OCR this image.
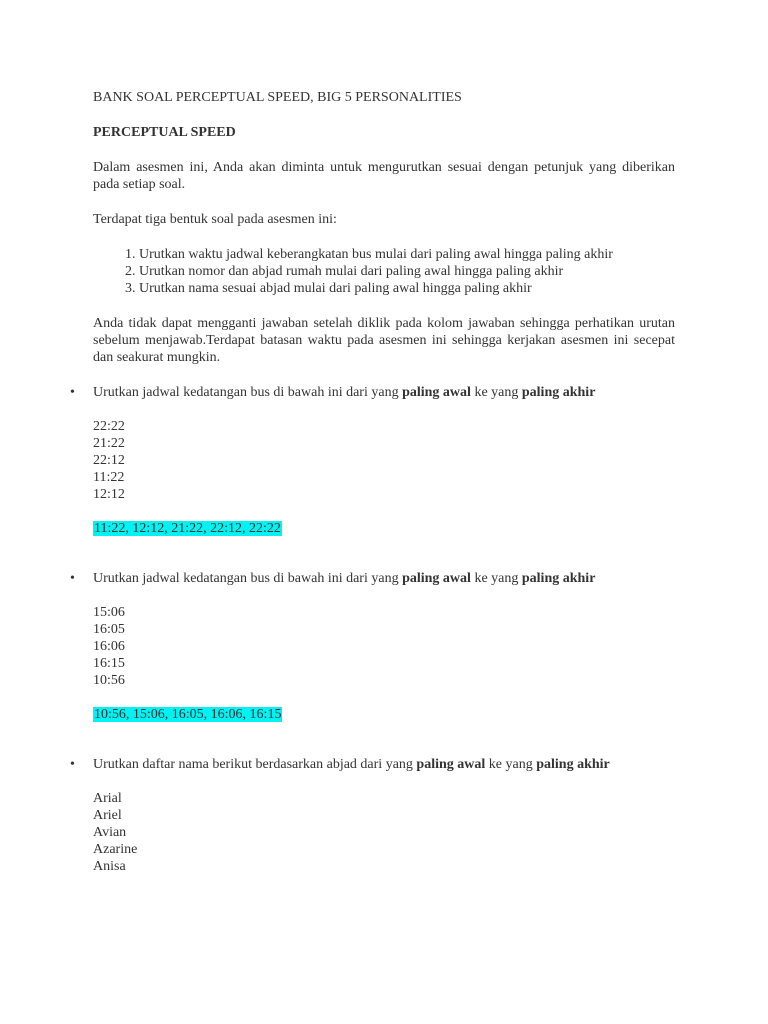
BANK SOAL PERCEPTUAL SPEED, BIG 5 PERSONALITIES

PERCEPTUAL SPEED

Dalam asesmen ini, Anda akan diminta untuk mengurutkan sesuai dengan petunjuk yang diberikan pada setiap soal.

Terdapat tiga bentuk soal pada asesmen ini:

1. Urutkan waktu jadwal keberangkatan bus mulai dari paling awal hingga paling akhir
2. Urutkan nomor dan abjad rumah mulai dari paling awal hingga paling akhir
3. Urutkan nama sesuai abjad mulai dari paling awal hingga paling akhir

Anda tidak dapat mengganti jawaban setelah diklik pada kolom jawaban sehingga perhatikan urutan sebelum menjawab.Terdapat batasan waktu pada asesmen ini sehingga kerjakan asesmen ini secepat dan seakurat mungkin.

• Urutkan jadwal kedatangan bus di bawah ini dari yang paling awal ke yang paling akhir
22:22
21:22
22:12
11:22
12:12
11:22, 12:12, 21:22, 22:12, 22:22
• Urutkan jadwal kedatangan bus di bawah ini dari yang paling awal ke yang paling akhir
15:06
16:05
16:06
16:15
10:56
10:56, 15:06, 16:05, 16:06, 16:15
• Urutkan daftar nama berikut berdasarkan abjad dari yang paling awal ke yang paling akhir
Arial
Ariel
Avian
Azarine
Anisa
